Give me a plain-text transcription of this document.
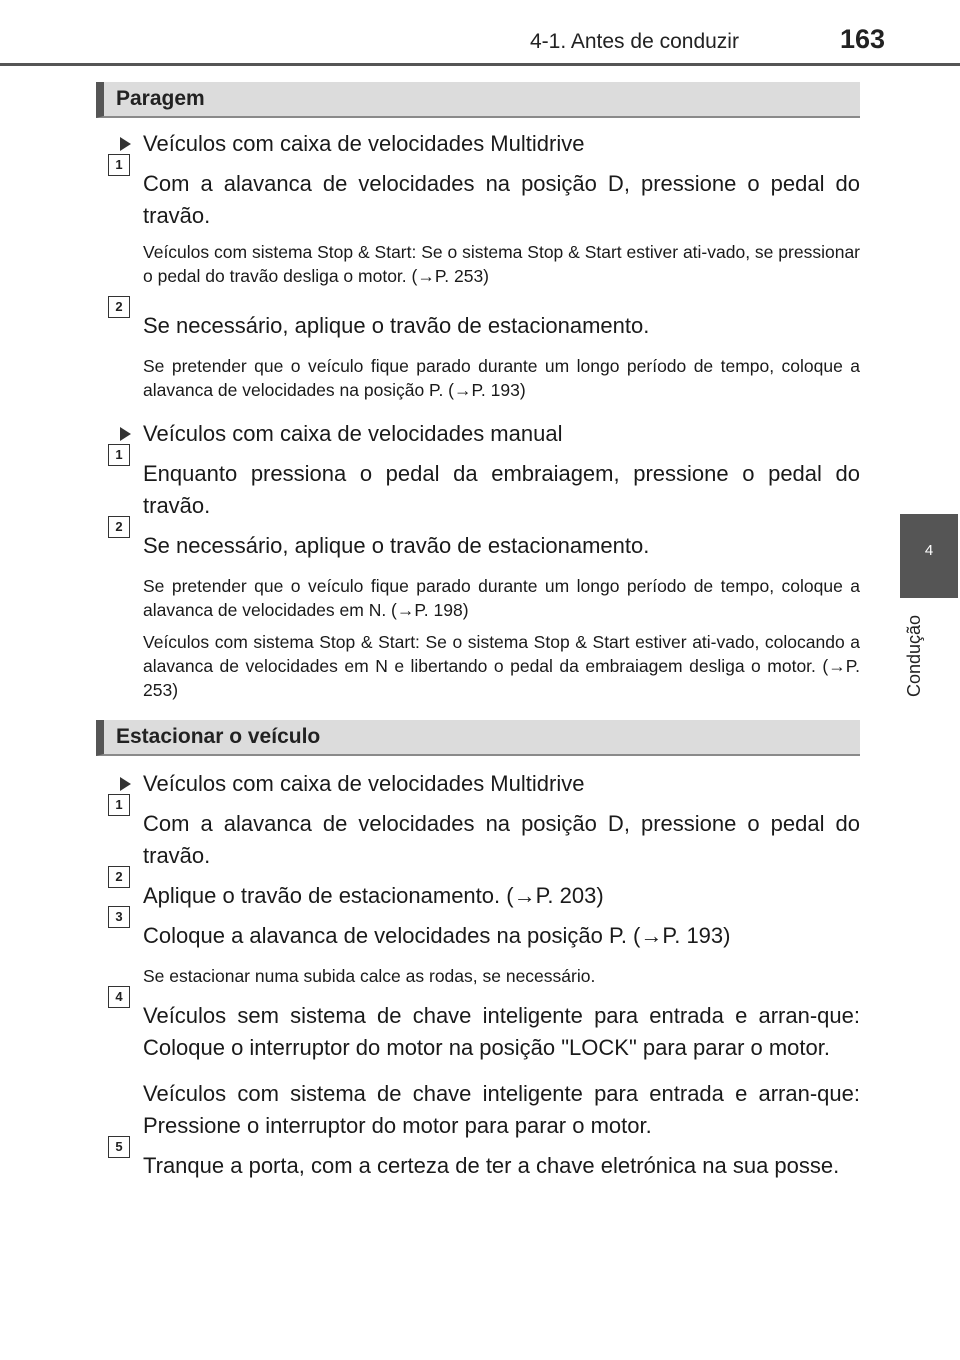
4-1. Antes de conduzir	163
4
Condução
Paragem
Veículos com caixa de velocidades Multidrive
1
Com a alavanca de velocidades na posição D, pressione o pedal do travão.
Veículos com sistema Stop & Start: Se o sistema Stop & Start estiver ati-vado, se pressionar o pedal do travão desliga o motor. (→P. 253)
2
Se necessário, aplique o travão de estacionamento.
Se pretender que o veículo fique parado durante um longo período de tempo, coloque a alavanca de velocidades na posição P. (→P. 193)
Veículos com caixa de velocidades manual
1
Enquanto pressiona o pedal da embraiagem, pressione o pedal do travão.
2
Se necessário, aplique o travão de estacionamento.
Se pretender que o veículo fique parado durante um longo período de tempo, coloque a alavanca de velocidades em N. (→P. 198)
Veículos com sistema Stop & Start: Se o sistema Stop & Start estiver ati-vado, colocando a alavanca de velocidades em N e libertando o pedal da embraiagem desliga o motor. (→P. 253)
Estacionar o veículo
Veículos com caixa de velocidades Multidrive
1
Com a alavanca de velocidades na posição D, pressione o pedal do travão.
2
Aplique o travão de estacionamento. (→P. 203)
3
Coloque a alavanca de velocidades na posição P. (→P. 193)
Se estacionar numa subida calce as rodas, se necessário.
4
Veículos sem sistema de chave inteligente para entrada e arran-que: Coloque o interruptor do motor na posição "LOCK" para parar o motor.
Veículos com sistema de chave inteligente para entrada e arran-que: Pressione o interruptor do motor para parar o motor.
5
Tranque a porta, com a certeza de ter a chave eletrónica na sua posse.
